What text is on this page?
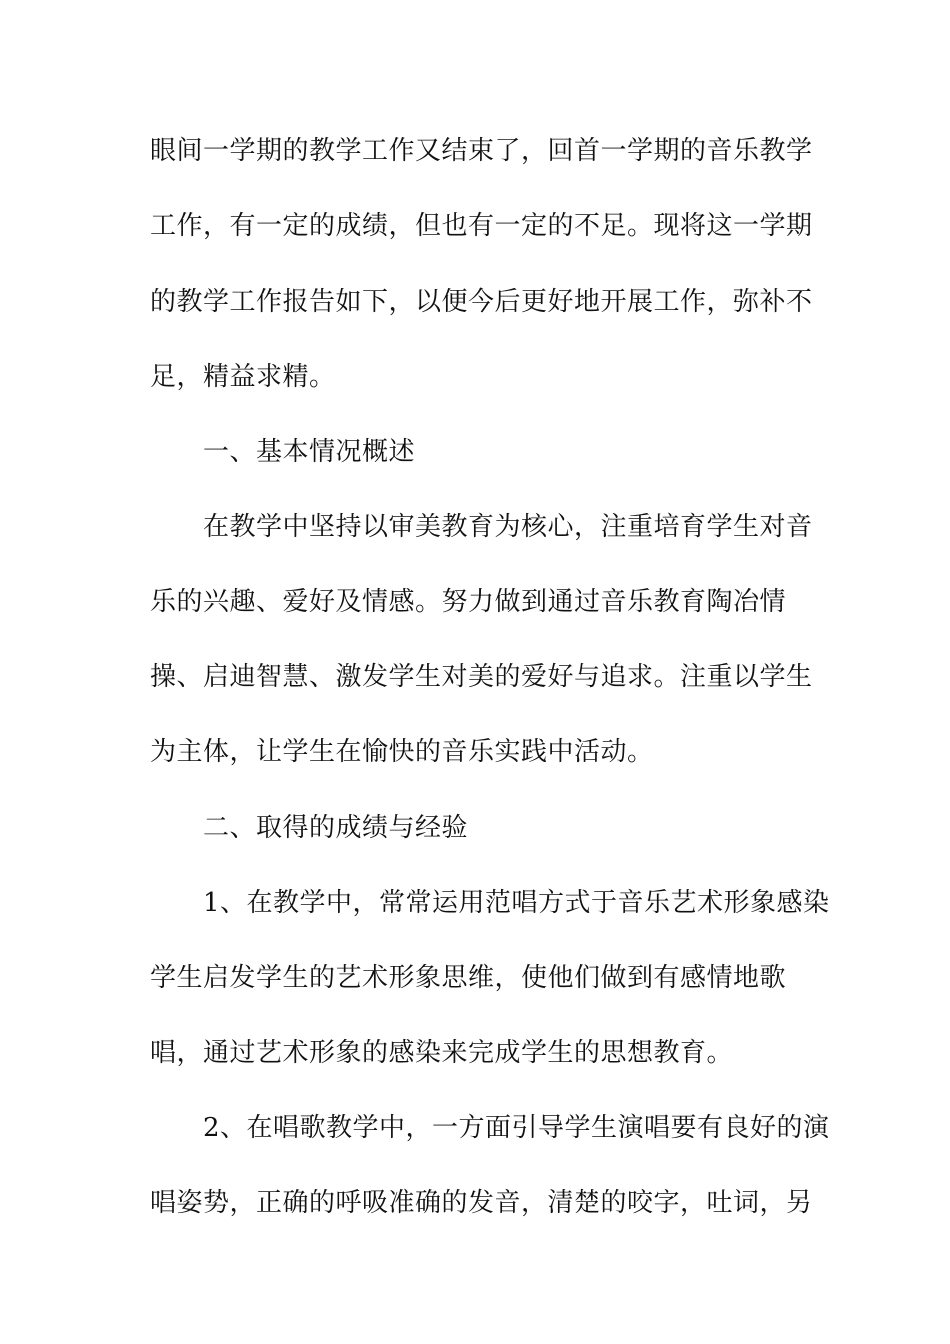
眼间一学期的教学工作又结束了，回首一学期的音乐教学
工作，有一定的成绩，但也有一定的不足。现将这一学期
的教学工作报告如下，以便今后更好地开展工作，弥补不
足，精益求精。
一、基本情况概述
在教学中坚持以审美教育为核心，注重培育学生对音
乐的兴趣、爱好及情感。努力做到通过音乐教育陶冶情
操、启迪智慧、激发学生对美的爱好与追求。注重以学生
为主体，让学生在愉快的音乐实践中活动。
二、取得的成绩与经验
1、在教学中，常常运用范唱方式于音乐艺术形象感染
学生启发学生的艺术形象思维，使他们做到有感情地歌
唱，通过艺术形象的感染来完成学生的思想教育。
2、在唱歌教学中，一方面引导学生演唱要有良好的演
唱姿势，正确的呼吸准确的发音，清楚的咬字，吐词，另
